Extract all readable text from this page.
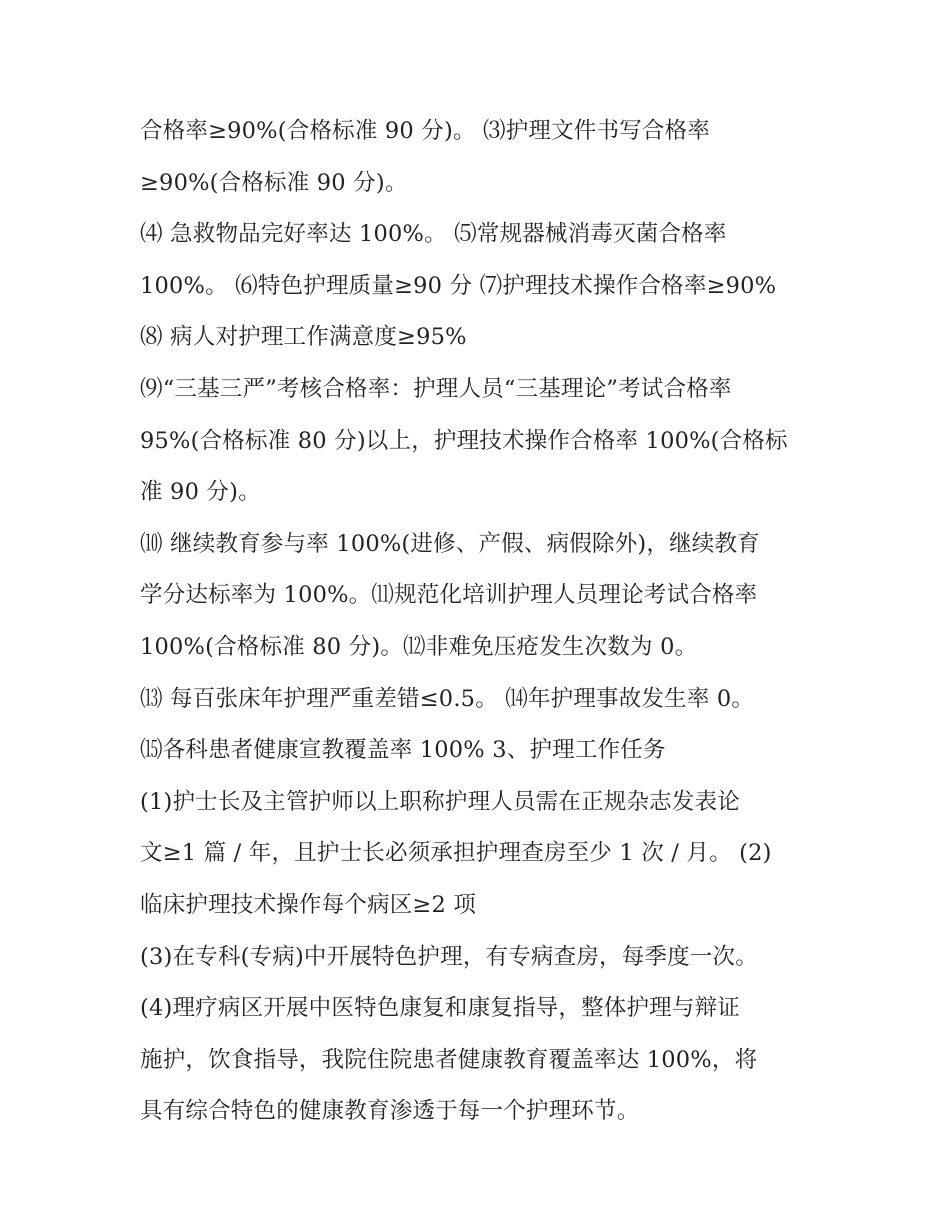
合格率≥90%(合格标准 90 分)。 ⑶护理文件书写合格率
≥90%(合格标准 90 分)。
⑷ 急救物品完好率达 100%。 ⑸常规器械消毒灭菌合格率
100%。 ⑹特色护理质量≥90 分 ⑺护理技术操作合格率≥90%
⑻ 病人对护理工作满意度≥95%
⑼“三基三严”考核合格率：护理人员“三基理论”考试合格率
95%(合格标准 80 分)以上，护理技术操作合格率 100%(合格标
准 90 分)。
⑽ 继续教育参与率 100%(进修、产假、病假除外)，继续教育
学分达标率为 100%。⑾规范化培训护理人员理论考试合格率
100%(合格标准 80 分)。⑿非难免压疮发生次数为 0。
⒀ 每百张床年护理严重差错≤0.5。 ⒁年护理事故发生率 0。
⒂各科患者健康宣教覆盖率 100% 3、护理工作任务
(1)护士长及主管护师以上职称护理人员需在正规杂志发表论
文≥1 篇 / 年，且护士长必须承担护理查房至少 1 次 / 月。 (2)
临床护理技术操作每个病区≥2 项
(3)在专科(专病)中开展特色护理，有专病查房，每季度一次。
(4)理疗病区开展中医特色康复和康复指导，整体护理与辩证
施护，饮食指导，我院住院患者健康教育覆盖率达 100%，将
具有综合特色的健康教育渗透于每一个护理环节。
